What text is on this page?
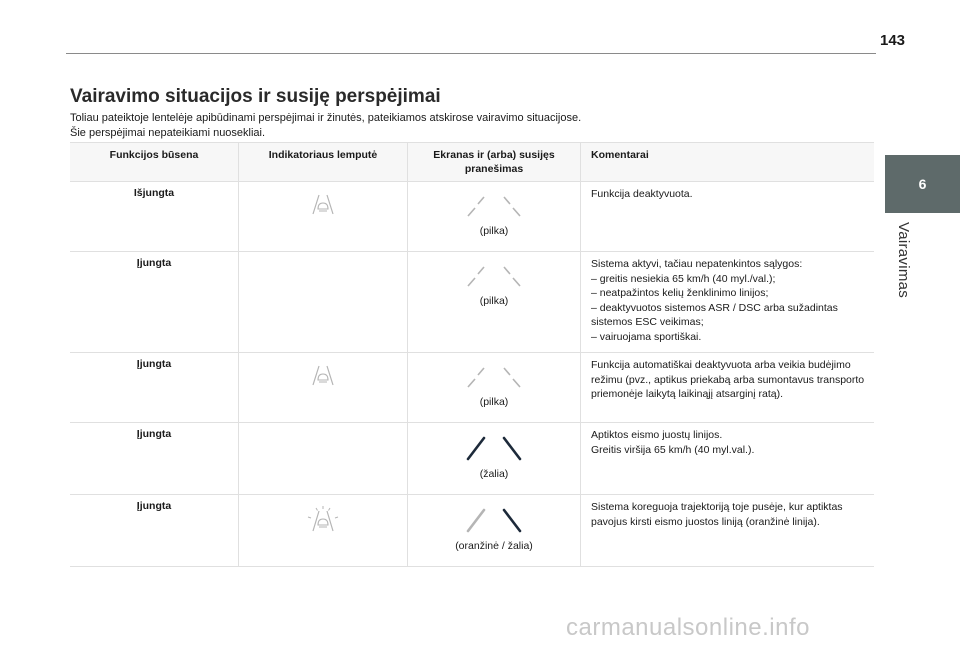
143
6
Vairavimas
Vairavimo situacijos ir susiję perspėjimai

Toliau pateiktoje lentelėje apibūdinami perspėjimai ir žinutės, pateikiamos atskirose vairavimo situacijose.

Šie perspėjimai nepateikiami nuosekliai.

Funkcijos būsena	Indikatoriaus lemputė	Ekranas ir (arba) susijęs pranešimas	Komentarai
Išjungta		(pilka)	Funkcija deaktyvuota.

Įjungta		(pilka)	Sistema aktyvi, tačiau nepatenkintos sąlygos:

– greitis nesiekia 65 km/h (40 myl./val.);

– neatpažintos kelių ženklinimo linijos;

– deaktyvuotos sistemos ASR / DSC arba sužadintas sistemos ESC veikimas;

– vairuojama sportiškai.

Įjungta		(pilka)	Funkcija automatiškai deaktyvuota arba veikia budėjimo režimu (pvz., aptikus priekabą arba sumontavus transporto priemonėje laikytą laikinąjį atsarginį ratą).

Įjungta		(žalia)	Aptiktos eismo juostų linijos.

Greitis viršija 65 km/h (40 myl.val.).

Įjungta		(oranžinė / žalia)	Sistema koreguoja trajektoriją toje pusėje, kur aptiktas pavojus kirsti eismo juostos liniją (oranžinė linija).

carmanualsonline.info
